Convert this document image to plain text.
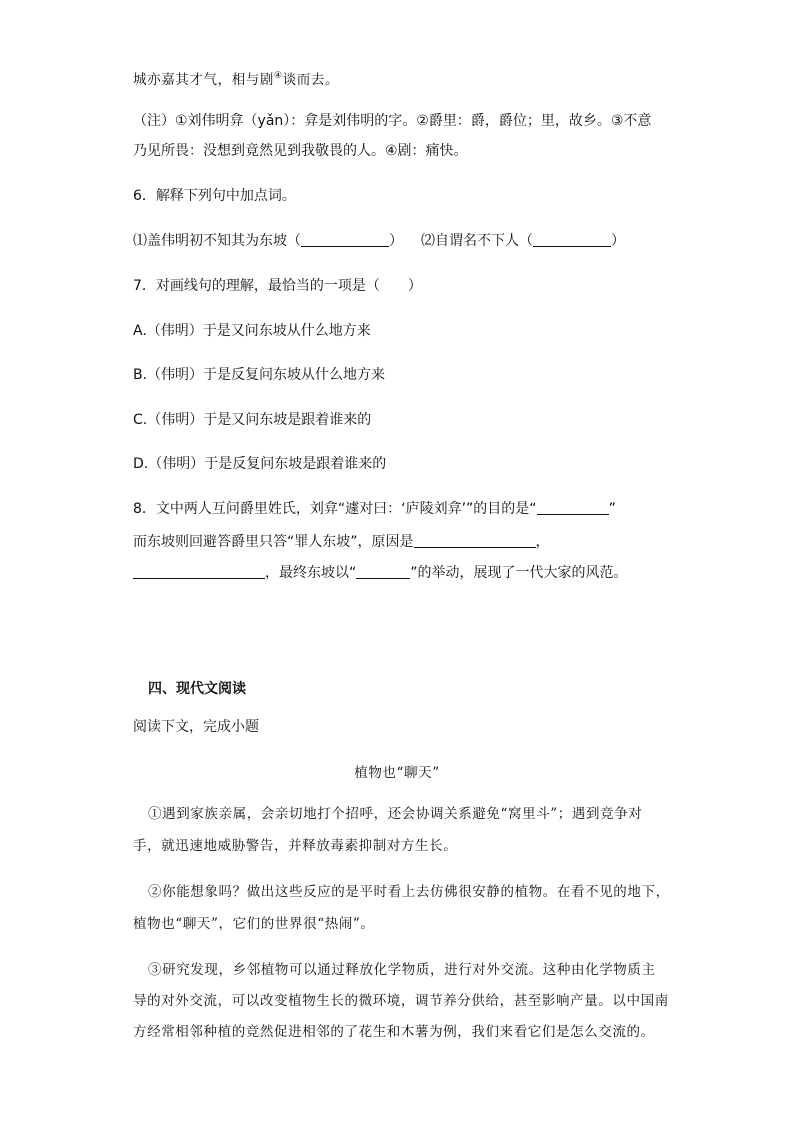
城亦嘉其才气，相与剧④谈而去。
（注）①刘伟明弇（yǎn）：弇是刘伟明的字。②爵里：爵，爵位；里，故乡。③不意
乃见所畏：没想到竟然见到我敬畏的人。④剧：痛快。
6．解释下列句中加点词。
⑴盖伟明初不知其为东坡（	） ⑵自谓名不下人（	）
7．对画线句的理解，最恰当的一项是（　　）
A.（伟明）于是又问东坡从什么地方来
B.（伟明）于是反复问东坡从什么地方来
C.（伟明）于是又问东坡是跟着谁来的
D.（伟明）于是反复问东坡是跟着谁来的
8．文中两人互问爵里姓氏，刘弇“遽对曰：‘庐陵刘弇’”的目的是“	”
而东坡则回避答爵里只答“罪人东坡”，原因是	，
，最终东坡以“	”的举动，展现了一代大家的风范。
四、现代文阅读
阅读下文，完成小题
植物也“聊天”
①遇到家族亲属，会亲切地打个招呼，还会协调关系避免“窝里斗”；遇到竞争对
手，就迅速地威胁警告，并释放毒素抑制对方生长。
②你能想象吗？做出这些反应的是平时看上去仿佛很安静的植物。在看不见的地下，
植物也“聊天”，它们的世界很“热闹”。
③研究发现，乡邻植物可以通过释放化学物质，进行对外交流。这种由化学物质主
导的对外交流，可以改变植物生长的微环境，调节养分供给，甚至影响产量。以中国南
方经常相邻种植的竞然促进相邻的了花生和木薯为例，我们来看它们是怎么交流的。
